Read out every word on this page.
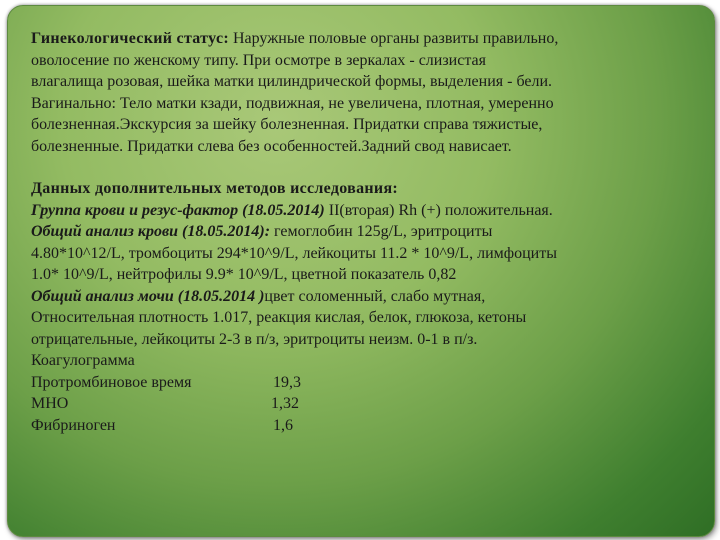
Гинекологический статус: Наружные половые органы развиты правильно,
оволосение по женскому типу. При осмотре в зеркалах - слизистая
влагалища розовая, шейка матки цилиндрической формы, выделения - бели.
Вагинально: Тело матки кзади, подвижная, не увеличена, плотная, умеренно
болезненная.Экскурсия за шейку болезненная. Придатки справа тяжистые,
болезненные. Придатки слева без особенностей.Задний свод нависает.

Данных дополнительных методов исследования:
Группа крови и резус-фактор (18.05.2014) II(вторая) Rh (+) положительная.
Общий анализ крови (18.05.2014): гемоглобин 125g/L, эритроциты
4.80*10^12/L, тромбоциты 294*10^9/L, лейкоциты 11.2 * 10^9/L, лимфоциты
1.0* 10^9/L, нейтрофилы 9.9* 10^9/L, цветной показатель 0,82
Общий анализ мочи (18.05.2014 )цвет соломенный, слабо мутная,
Относительная плотность 1.017, реакция кислая, белок, глюкоза, кетоны
отрицательные, лейкоциты 2-3 в п/з, эритроциты неизм. 0-1 в п/з.
Коагулограмма

Протромбиновое время	19,3
МНО	1,32
Фибриноген	1,6
